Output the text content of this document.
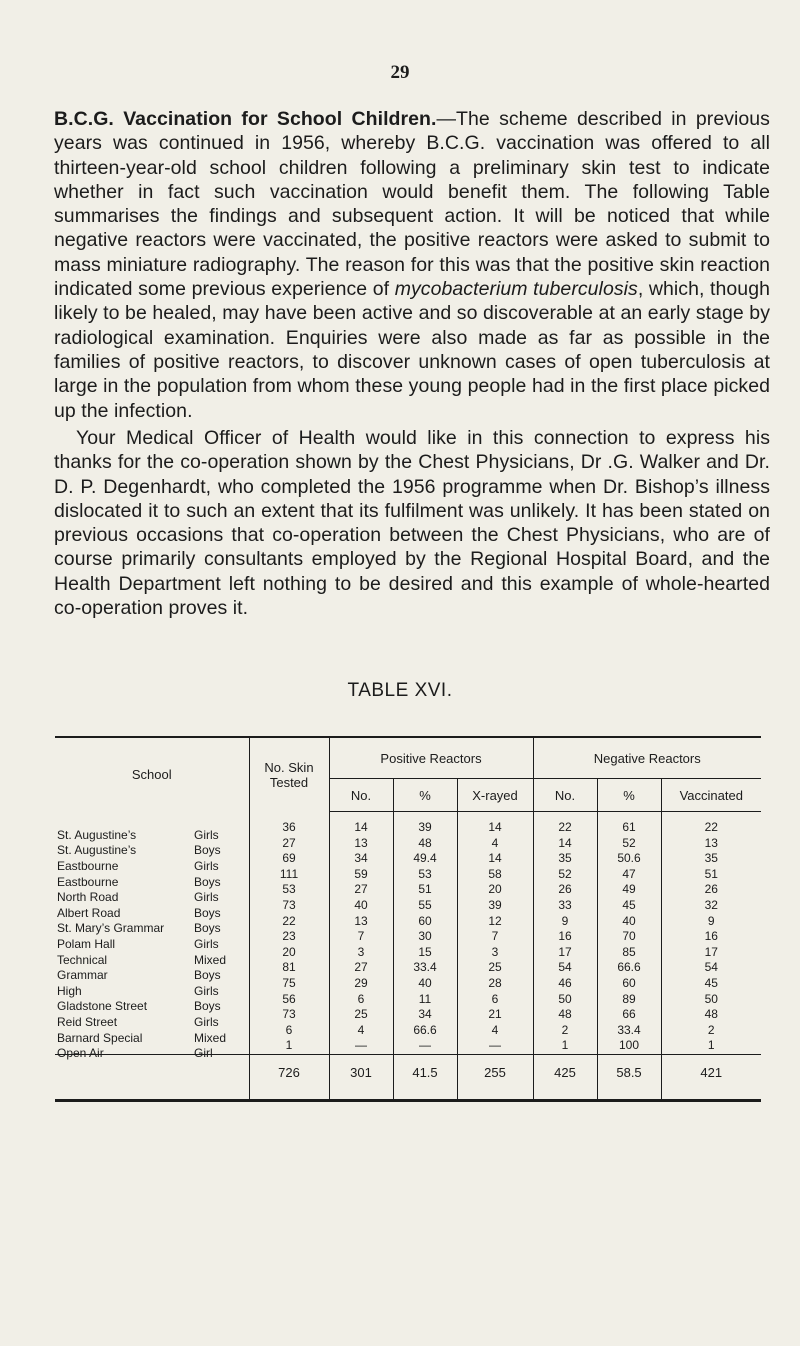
29

B.C.G. Vaccination for School Children.—The scheme described in previous years was continued in 1956, whereby B.C.G. vaccination was offered to all thirteen-year-old school children following a preliminary skin test to indicate whether in fact such vaccination would benefit them. The following Table summarises the findings and subsequent action. It will be noticed that while negative reactors were vaccinated, the positive reactors were asked to submit to mass miniature radiography. The reason for this was that the positive skin reaction indicated some previous experience of mycobacterium tuberculosis, which, though likely to be healed, may have been active and so discoverable at an early stage by radiological examination. Enquiries were also made as far as possible in the families of positive reactors, to discover unknown cases of open tuberculosis at large in the population from whom these young people had in the first place picked up the infection.

Your Medical Officer of Health would like in this connection to express his thanks for the co-operation shown by the Chest Physicians, Dr .G. Walker and Dr. D. P. Degenhardt, who completed the 1956 programme when Dr. Bishop’s illness dislocated it to such an extent that its fulfilment was unlikely. It has been stated on previous occasions that co-operation between the Chest Physicians, who are of course primarily consultants employed by the Regional Hospital Board, and the Health Department left nothing to be desired and this example of whole-hearted co-operation proves it.

TABLE XVI.
School	No. Skin Tested	Positive Reactors			Negative Reactors		
		No.	%	X-rayed	No.	%	Vaccinated

St. Augustine’s Girls	36	14	39	14	22	61	22

St. Augustine’s Boys	27	13	48	4	14	52	13

Eastbourne Girls	69	34	49.4	14	35	50.6	35

Eastbourne Boys	111	59	53	58	52	47	51

North Road Girls	53	27	51	20	26	49	26

Albert Road Boys	73	40	55	39	33	45	32

St. Mary’s Grammar Boys	22	13	60	12	9	40	9

Polam Hall Girls	23	7	30	7	16	70	16

Technical Mixed	20	3	15	3	17	85	17

Grammar Boys	81	27	33.4	25	54	66.6	54

High Girls	75	29	40	28	46	60	45

Gladstone Street Boys	56	6	11	6	50	89	50

Reid Street Girls	73	25	34	21	48	66	48

Barnard Special Mixed	6	4	66.6	4	2	33.4	2

Open Air Girl	1	—	—	—	1	100	1
	726	301	41.5	255	425	58.5	421
